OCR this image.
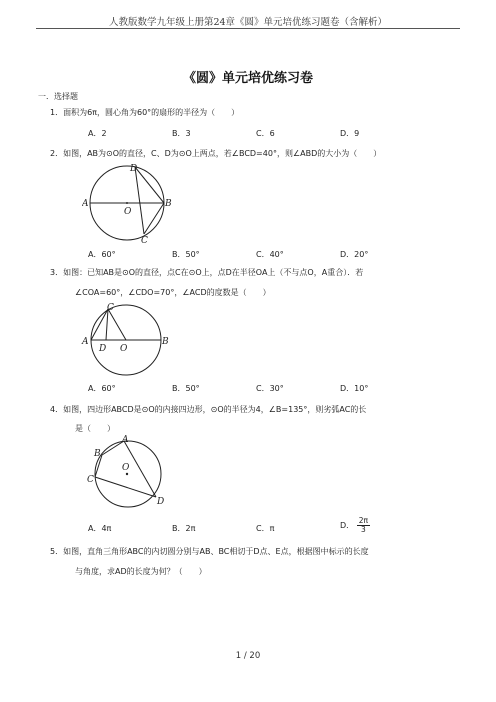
人教版数学九年级上册第24章《圆》单元培优练习题卷（含解析）
《圆》单元培优练习卷
一．选择题
1．面积为6π，圆心角为60°的扇形的半径为（　　）
A．2	B．3	C．6	D．9
2．如图，AB为⊙O的直径，C、D为⊙O上两点，若∠BCD=40°，则∠ABD的大小为（　　）
A	B
C
D
O
A．60°	B．50°	C．40°	D．20°
3．如图：已知AB是⊙O的直径，点C在⊙O上，点D在半径OA上（不与点O，A重合）．若
∠COA=60°，∠CDO=70°，∠ACD的度数是（　　）
A	B
C
D O
A．60°	B．50°	C．30°	D．10°
4．如图，四边形ABCD是⊙O的内接四边形，⊙O的半径为4，∠B=135°，则劣弧AC的长
是（　　）
A
B
C
D
O
A．4π	B．2π	C．π	D． $\frac{2\pi}{3}$
5．如图，直角三角形ABC的内切圆分别与AB、BC相切于D点、E点，根据图中标示的长度
与角度，求AD的长度为何？（　　）
1 / 20
